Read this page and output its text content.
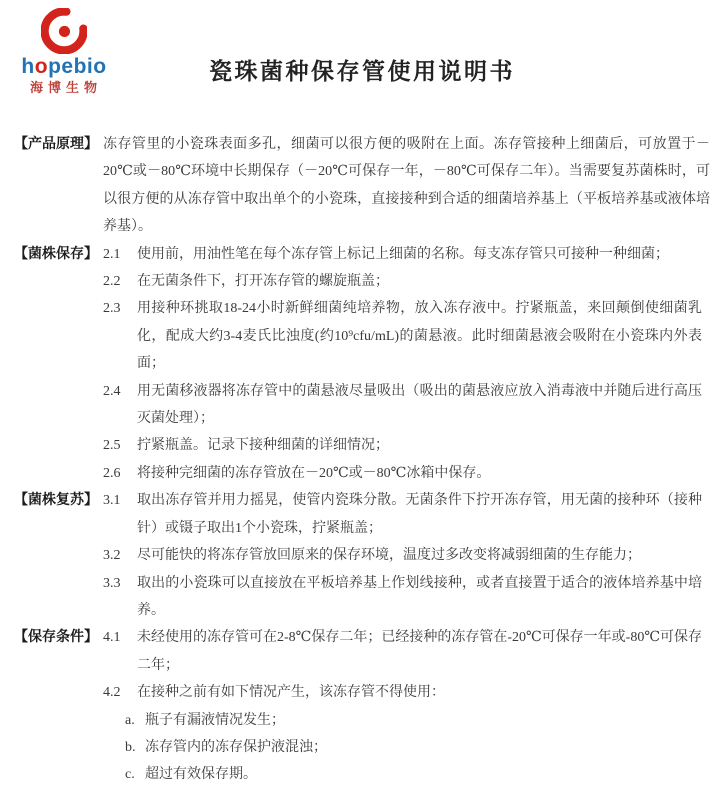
hopebio
海博生物
瓷珠菌种保存管使用说明书
【产品原理】 冻存管里的小瓷珠表面多孔，细菌可以很方便的吸附在上面。冻存管接种上细菌后，可放置于－20℃或－80℃环境中长期保存（－20℃可保存一年，－80℃可保存二年）。当需要复苏菌株时，可以很方便的从冻存管中取出单个的小瓷珠，直接接种到合适的细菌培养基上（平板培养基或液体培养基）。
【菌株保存】 2.1	使用前，用油性笔在每个冻存管上标记上细菌的名称。每支冻存管只可接种一种细菌；
2.2	在无菌条件下，打开冻存管的螺旋瓶盖；
2.3	用接种环挑取18-24小时新鲜细菌纯培养物，放入冻存液中。拧紧瓶盖，来回颠倒使细菌乳化，配成大约3-4麦氏比浊度(约10⁹cfu/mL)的菌悬液。此时细菌悬液会吸附在小瓷珠内外表面；
2.4	用无菌移液器将冻存管中的菌悬液尽量吸出（吸出的菌悬液应放入消毒液中并随后进行高压灭菌处理）；
2.5	拧紧瓶盖。记录下接种细菌的详细情况；
2.6	将接种完细菌的冻存管放在－20℃或－80℃冰箱中保存。
【菌株复苏】 3.1	取出冻存管并用力摇晃，使管内瓷珠分散。无菌条件下拧开冻存管，用无菌的接种环（接种针）或镊子取出1个小瓷珠，拧紧瓶盖；
3.2	尽可能快的将冻存管放回原来的保存环境，温度过多改变将减弱细菌的生存能力；
3.3	取出的小瓷珠可以直接放在平板培养基上作划线接种，或者直接置于适合的液体培养基中培养。
【保存条件】 4.1	未经使用的冻存管可在2-8℃保存二年；已经接种的冻存管在-20℃可保存一年或-80℃可保存二年；
4.2	在接种之前有如下情况产生，该冻存管不得使用：
a. 瓶子有漏液情况发生；
b. 冻存管内的冻存保护液混浊；
c. 超过有效保存期。
